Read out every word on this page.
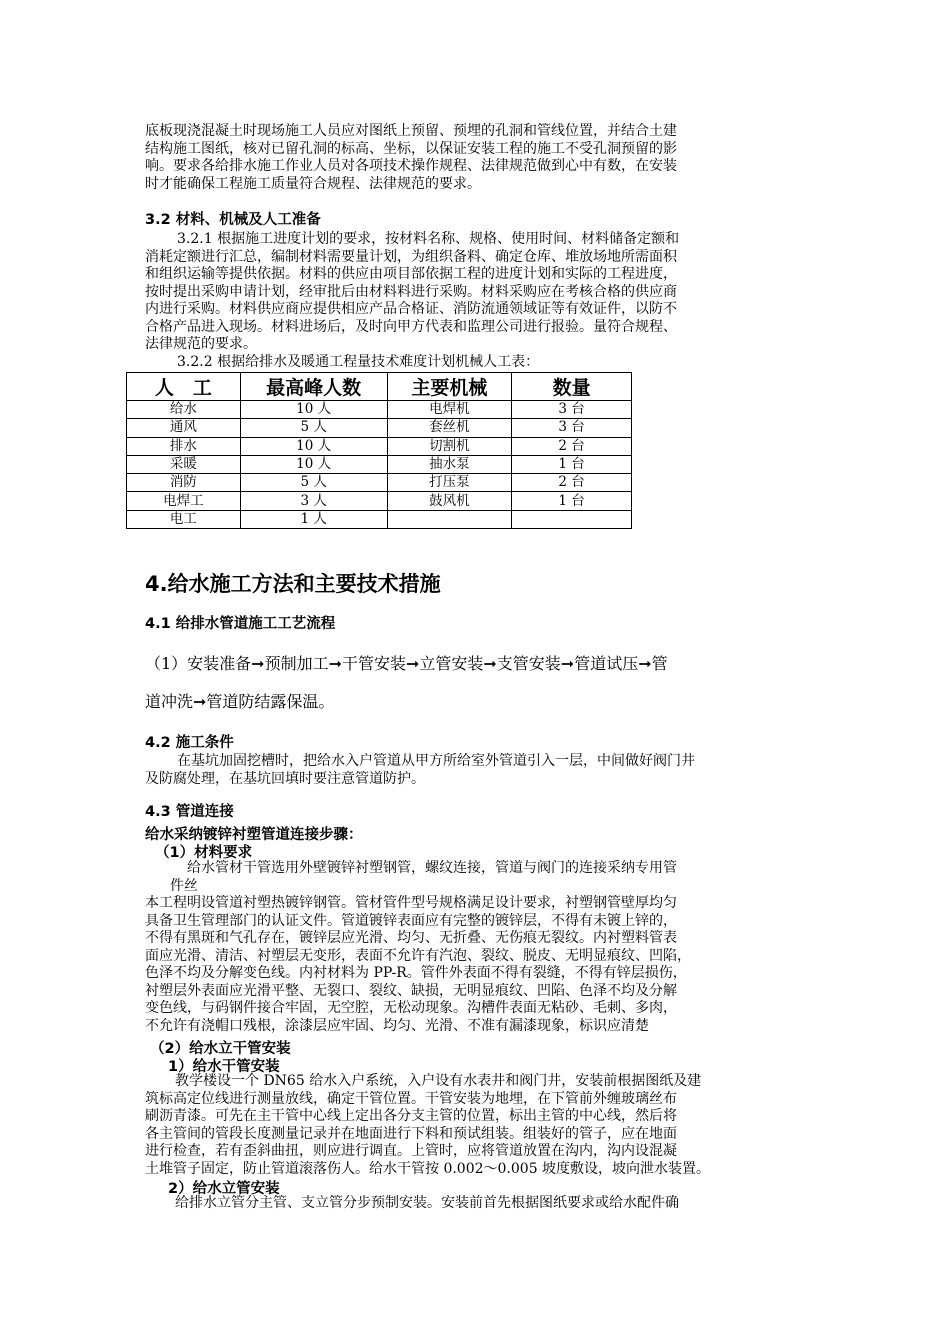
底板现浇混凝土时现场施工人员应对图纸上预留、预埋的孔洞和管线位置，并结合土建
结构施工图纸，核对已留孔洞的标高、坐标，以保证安装工程的施工不受孔洞预留的影
响。要求各给排水施工作业人员对各项技术操作规程、法律规范做到心中有数，在安装
时才能确保工程施工质量符合规程、法律规范的要求。

3.2 材料、机械及人工准备

3.2.1 根据施工进度计划的要求，按材料名称、规格、使用时间、材料储备定额和
消耗定额进行汇总，编制材料需要量计划，为组织备料、确定仓库、堆放场地所需面积
和组织运输等提供依据。材料的供应由项目部依据工程的进度计划和实际的工程进度，
按时提出采购申请计划，经审批后由材料料进行采购。材料采购应在考核合格的供应商
内进行采购。材料供应商应提供相应产品合格证、消防流通领域证等有效证件，以防不
合格产品进入现场。材料进场后，及时向甲方代表和监理公司进行报验。量符合规程、
法律规范的要求。
3.2.2 根据给排水及暖通工程量技术难度计划机械人工表：
人　工	最高峰人数	主要机械	数量
给水	10 人	电焊机	3 台
通风	5 人	套丝机	3 台
排水	10 人	切割机	2 台
采暖	10 人	抽水泵	1 台
消防	5 人	打压泵	2 台
电焊工	3 人	鼓风机	1 台
电工	1 人		

4.给水施工方法和主要技术措施

4.1 给排水管道施工工艺流程

（1）安装准备➞预制加工➞干管安装➞立管安装➞支管安装➞管道试压➞管

道冲洗➞管道防结露保温。

4.2 施工条件

在基坑加固挖槽时，把给水入户管道从甲方所给室外管道引入一层，中间做好阀门井
及防腐处理，在基坑回填时要注意管道防护。

4.3 管道连接

给水采纳镀锌衬塑管道连接步骤：

（1）材料要求

给水管材干管选用外壁镀锌衬塑钢管，螺纹连接，管道与阀门的连接采纳专用管
件丝
本工程明设管道衬塑热镀锌钢管。管材管件型号规格满足设计要求，衬塑钢管壁厚均匀
具备卫生管理部门的认证文件。管道镀锌表面应有完整的镀锌层，不得有未镀上锌的，
不得有黑斑和气孔存在，镀锌层应光滑、均匀、无折叠、无伤痕无裂纹。内衬塑料管表
面应光滑、清洁、衬塑层无变形，表面不允许有汽泡、裂纹、脱皮、无明显痕纹、凹陷，
色泽不均及分解变色线。内衬材料为 PP-R。管件外表面不得有裂缝，不得有锌层损伤，
衬塑层外表面应光滑平整、无裂口、裂纹、缺损，无明显痕纹、凹陷、色泽不均及分解
变色线，与码钢件接合牢固，无空腔，无松动现象。沟槽件表面无粘砂、毛刺、多肉，
不允许有浇帽口残根，涂漆层应牢固、均匀、光滑、不准有漏漆现象，标识应清楚

（2）给水立干管安装

1）给水干管安装

教学楼设一个 DN65 给水入户系统，入户设有水表井和阀门井，安装前根据图纸及建
筑标高定位线进行测量放线，确定干管位置。干管安装为地埋，在下管前外缠玻璃丝布
刷沥青漆。可先在主干管中心线上定出各分支主管的位置，标出主管的中心线，然后将
各主管间的管段长度测量记录并在地面进行下料和预试组装。组装好的管子，应在地面
进行检查，若有歪斜曲扭，则应进行调直。上管时，应将管道放置在沟内，沟内设混凝
土堆管子固定，防止管道滚落伤人。给水干管按 0.002～0.005 坡度敷设，坡向泄水装置。

2）给水立管安装

给排水立管分主管、支立管分步预制安装。安装前首先根据图纸要求或给水配件确
